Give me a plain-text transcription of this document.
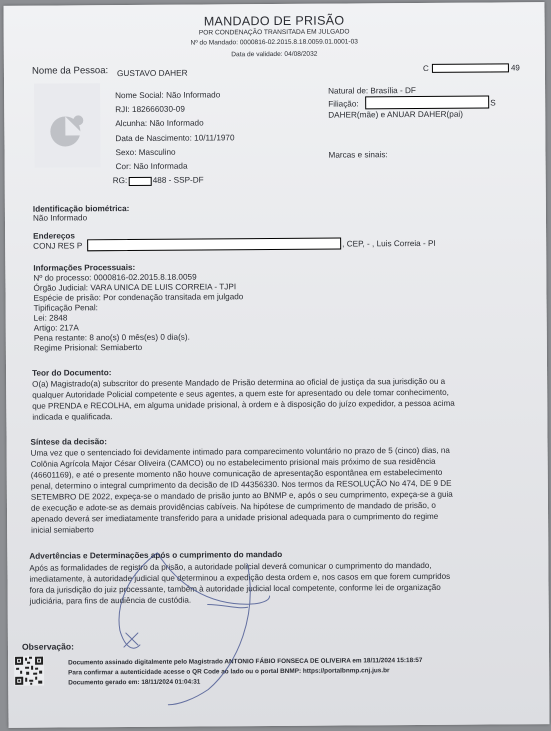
MANDADO DE PRISÃO
POR CONDENAÇÃO TRANSITADA EM JULGADO
Nº do Mandado: 0000816-02.2015.8.18.0059.01.0001-03
Data de validade: 04/08/2032
Nome da Pessoa: GUSTAVO DAHER	C	49
Nome Social: Não Informado
RJI: 182666030-09
Alcunha: Não Informado
Data de Nascimento: 10/11/1970
Sexo: Masculino
Cor: Não Informada
RG:	488 - SSP-DF
Natural de: Brasília - DF
Filiação:	S
DAHER(mãe) e ANUAR DAHER(pai)
Marcas e sinais:
Identificação biométrica:
Não Informado
Endereços
CONJ RES P	, CEP, - , Luis Correia - PI
Informações Processuais:
Nº do processo: 0000816-02.2015.8.18.0059
Órgão Judicial: VARA UNICA DE LUIS CORREIA - TJPI
Espécie de prisão: Por condenação transitada em julgado
Tipificação Penal:
Lei: 2848
Artigo: 217A
Pena restante: 8 ano(s) 0 mês(es) 0 dia(s).
Regime Prisional: Semiaberto
Teor do Documento:
O(a) Magistrado(a) subscritor do presente Mandado de Prisão determina ao oficial de justiça da sua jurisdição ou a
qualquer Autoridade Policial competente e seus agentes, a quem este for apresentado ou dele tomar conhecimento,
que PRENDA e RECOLHA, em alguma unidade prisional, à ordem e à disposição do juízo expedidor, a pessoa acima
indicada e qualificada.
Síntese da decisão:
Uma vez que o sentenciado foi devidamente intimado para comparecimento voluntário no prazo de 5 (cinco) dias, na
Colônia Agrícola Major César Oliveira (CAMCO) ou no estabelecimento prisional mais próximo de sua residência
(46601169), e até o presente momento não houve comunicação de apresentação espontânea em estabelecimento
penal, determino o integral cumprimento da decisão de ID 44356330. Nos termos da RESOLUÇÃO No 474, DE 9 DE
SETEMBRO DE 2022, expeça-se o mandado de prisão junto ao BNMP e, após o seu cumprimento, expeça-se a guia
de execução e adote-se as demais providências cabíveis. Na hipótese de cumprimento de mandado de prisão, o
apenado deverá ser imediatamente transferido para a unidade prisional adequada para o cumprimento do regime
inicial semiaberto
Advertências e Determinações após o cumprimento do mandado
Após as formalidades de registro da prisão, a autoridade policial deverá comunicar o cumprimento do mandado,
imediatamente, à autoridade judicial que determinou a expedição desta ordem e, nos casos em que forem cumpridos
fora da jurisdição do juiz processante, também à autoridade judicial local competente, conforme lei de organização
judiciária, para fins de audiência de custódia.
Observação:
Documento assinado digitalmente pelo Magistrado ANTONIO FÁBIO FONSECA DE OLIVEIRA em 18/11/2024 15:18:57
Para confirmar a autenticidade acesse o QR Code ao lado ou o portal BNMP: https://portalbnmp.cnj.jus.br
Documento gerado em: 18/11/2024 01:04:31
